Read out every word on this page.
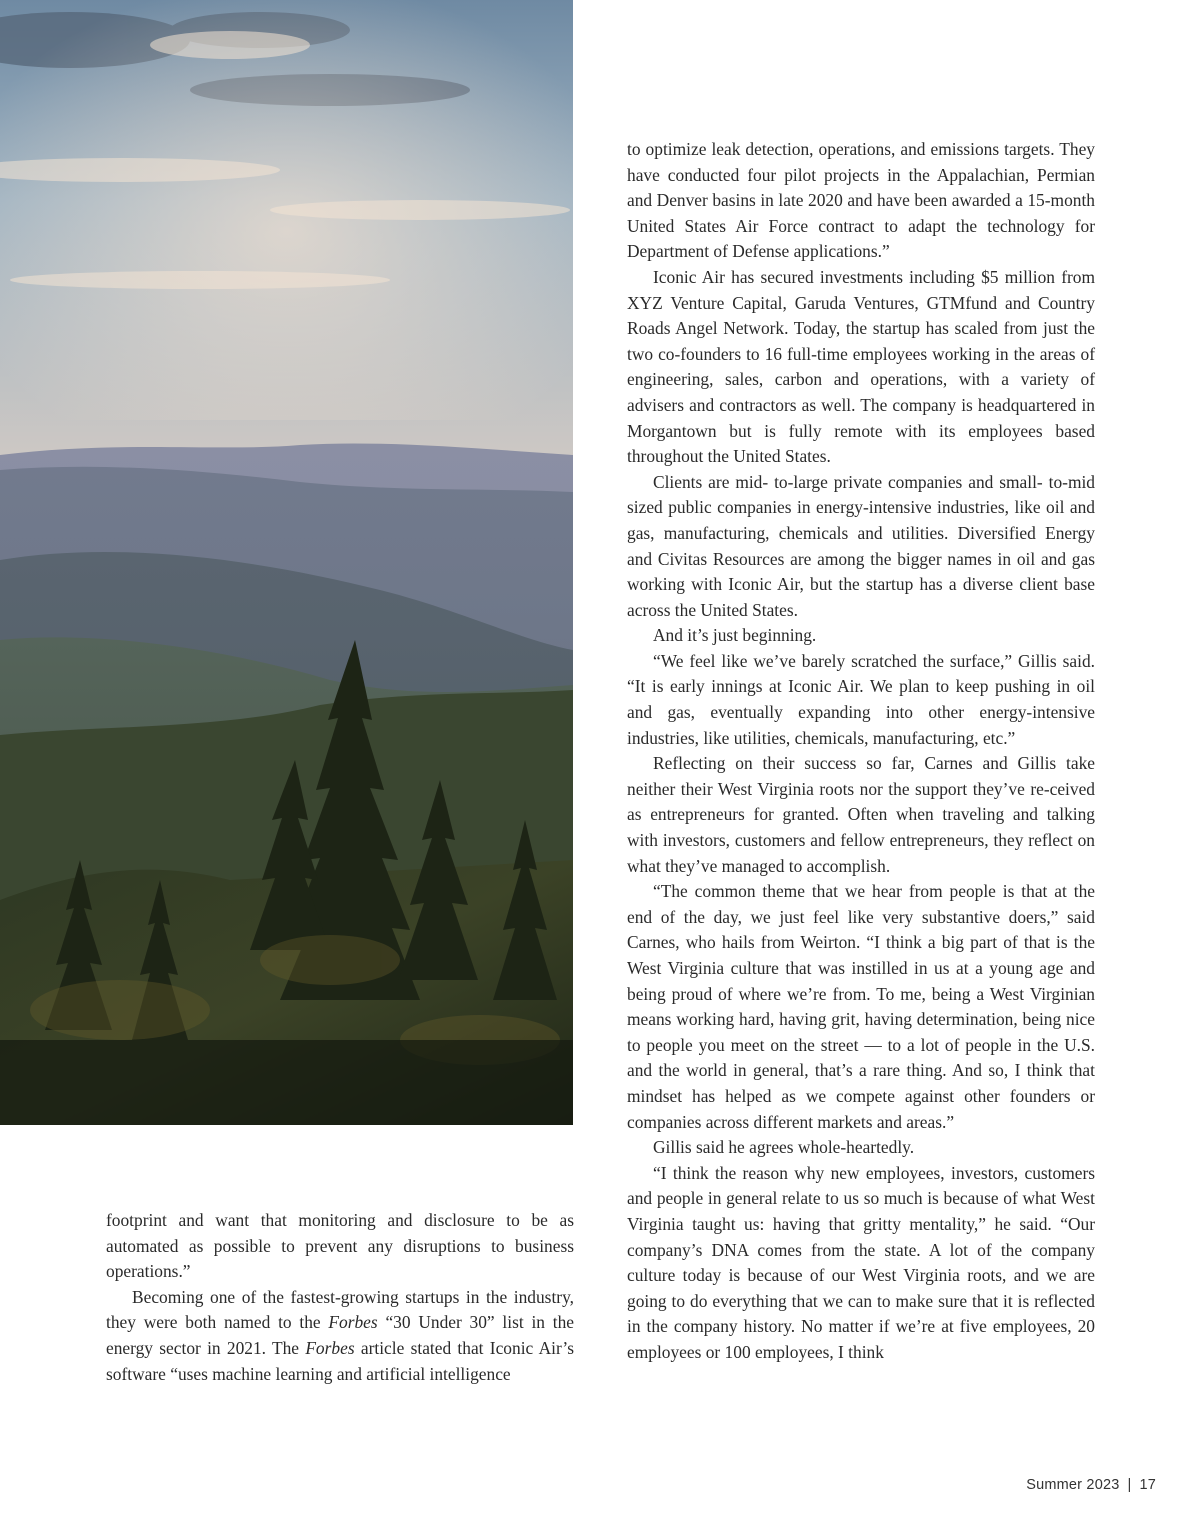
footprint and want that monitoring and disclosure to be as automated as possible to prevent any disruptions to business operations.”

Becoming one of the fastest-growing startups in the industry, they were both named to the Forbes “30 Under 30” list in the energy sector in 2021. The Forbes article stated that Iconic Air’s software “uses machine learning and artificial intelligence

to optimize leak detection, operations, and emissions targets. They have conducted four pilot projects in the Appalachian, Permian and Denver basins in late 2020 and have been awarded a 15-month United States Air Force contract to adapt the technology for Department of Defense applications.”

Iconic Air has secured investments including $5 million from XYZ Venture Capital, Garuda Ventures, GTMfund and Country Roads Angel Network. Today, the startup has scaled from just the two co-founders to 16 full-time employees working in the areas of engineering, sales, carbon and operations, with a variety of advisers and contractors as well. The company is headquartered in Morgantown but is fully remote with its employees based throughout the United States.

Clients are mid- to-large private companies and small- to-mid sized public companies in energy-intensive industries, like oil and gas, manufacturing, chemicals and utilities. Diversified Energy and Civitas Resources are among the bigger names in oil and gas working with Iconic Air, but the startup has a diverse client base across the United States.

And it’s just beginning.

“We feel like we’ve barely scratched the surface,” Gillis said. “It is early innings at Iconic Air. We plan to keep pushing in oil and gas, eventually expanding into other energy-intensive industries, like utilities, chemicals, manufacturing, etc.”

Reflecting on their success so far, Carnes and Gillis take neither their West Virginia roots nor the support they’ve re-ceived as entrepreneurs for granted. Often when traveling and talking with investors, customers and fellow entrepreneurs, they reflect on what they’ve managed to accomplish.

“The common theme that we hear from people is that at the end of the day, we just feel like very substantive doers,” said Carnes, who hails from Weirton. “I think a big part of that is the West Virginia culture that was instilled in us at a young age and being proud of where we’re from. To me, being a West Virginian means working hard, having grit, having determination, being nice to people you meet on the street — to a lot of people in the U.S. and the world in general, that’s a rare thing. And so, I think that mindset has helped as we compete against other founders or companies across different markets and areas.”

Gillis said he agrees whole-heartedly.

“I think the reason why new employees, investors, customers and people in general relate to us so much is because of what West Virginia taught us: having that gritty mentality,” he said. “Our company’s DNA comes from the state. A lot of the company culture today is because of our West Virginia roots, and we are going to do everything that we can to make sure that it is reflected in the company history. No matter if we’re at five employees, 20 employees or 100 employees, I think

Summer 2023 | 17
